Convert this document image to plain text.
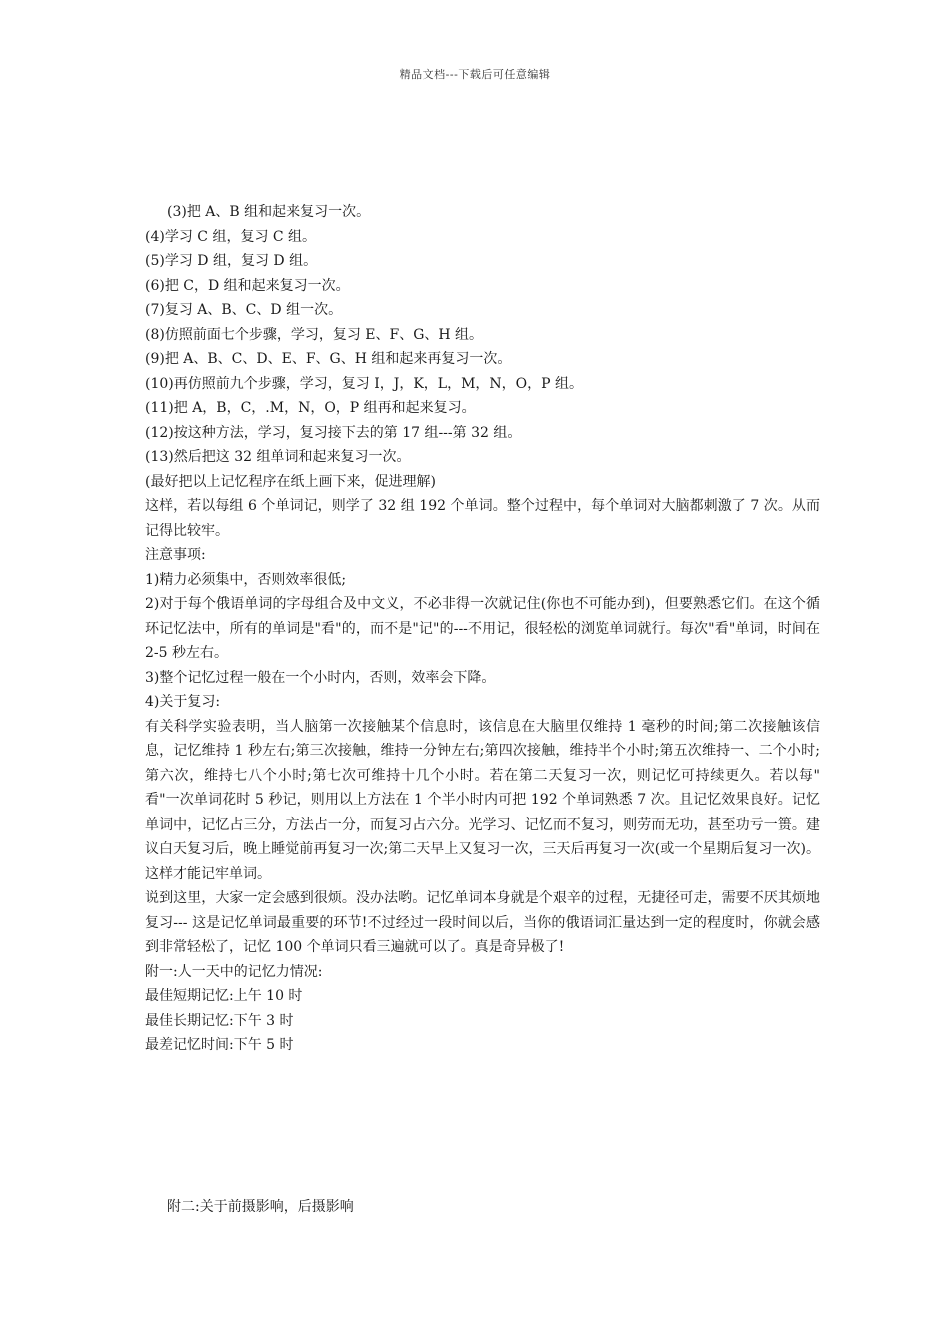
精品文档---下载后可任意编辑

(3)把 A、B 组和起来复习一次。

(4)学习 C 组，复习 C 组。

(5)学习 D 组，复习 D 组。

(6)把 C，D 组和起来复习一次。

(7)复习 A、B、C、D 组一次。

(8)仿照前面七个步骤，学习，复习 E、F、G、H 组。

(9)把 A、B、C、D、E、F、G、H 组和起来再复习一次。

(10)再仿照前九个步骤，学习，复习 I，J，K，L，M，N，O，P 组。

(11)把 A，B，C，.M，N，O，P 组再和起来复习。

(12)按这种方法，学习，复习接下去的第 17 组---第 32 组。

(13)然后把这 32 组单词和起来复习一次。

(最好把以上记忆程序在纸上画下来，促进理解)

这样，若以每组 6 个单词记，则学了 32 组 192 个单词。整个过程中，每个单词对大脑都刺激了 7 次。从而记得比较牢。

注意事项:

1)精力必须集中，否则效率很低;

2)对于每个俄语单词的字母组合及中文义，不必非得一次就记住(你也不可能办到)，但要熟悉它们。在这个循环记忆法中，所有的单词是"看"的，而不是"记"的---不用记，很轻松的浏览单词就行。每次"看"单词，时间在 2-5 秒左右。

3)整个记忆过程一般在一个小时内，否则，效率会下降。

4)关于复习:

有关科学实验表明，当人脑第一次接触某个信息时，该信息在大脑里仅维持 1 毫秒的时间;第二次接触该信息，记忆维持 1 秒左右;第三次接触，维持一分钟左右;第四次接触，维持半个小时;第五次维持一、二个小时;第六次，维持七八个小时;第七次可维持十几个小时。若在第二天复习一次，则记忆可持续更久。若以每" 看"一次单词花时 5 秒记，则用以上方法在 1 个半小时内可把 192 个单词熟悉 7 次。且记忆效果良好。记忆单词中，记忆占三分，方法占一分，而复习占六分。光学习、记忆而不复习，则劳而无功，甚至功亏一篑。建议白天复习后，晚上睡觉前再复习一次;第二天早上又复习一次，三天后再复习一次(或一个星期后复习一次)。这样才能记牢单词。

说到这里，大家一定会感到很烦。没办法哟。记忆单词本身就是个艰辛的过程，无捷径可走，需要不厌其烦地复习--- 这是记忆单词最重要的环节!不过经过一段时间以后，当你的俄语词汇量达到一定的程度时，你就会感到非常轻松了，记忆 100 个单词只看三遍就可以了。真是奇异极了!

附一:人一天中的记忆力情况:

最佳短期记忆:上午 10 时

最佳长期记忆:下午 3 时

最差记忆时间:下午 5 时

附二:关于前摄影响，后摄影响
